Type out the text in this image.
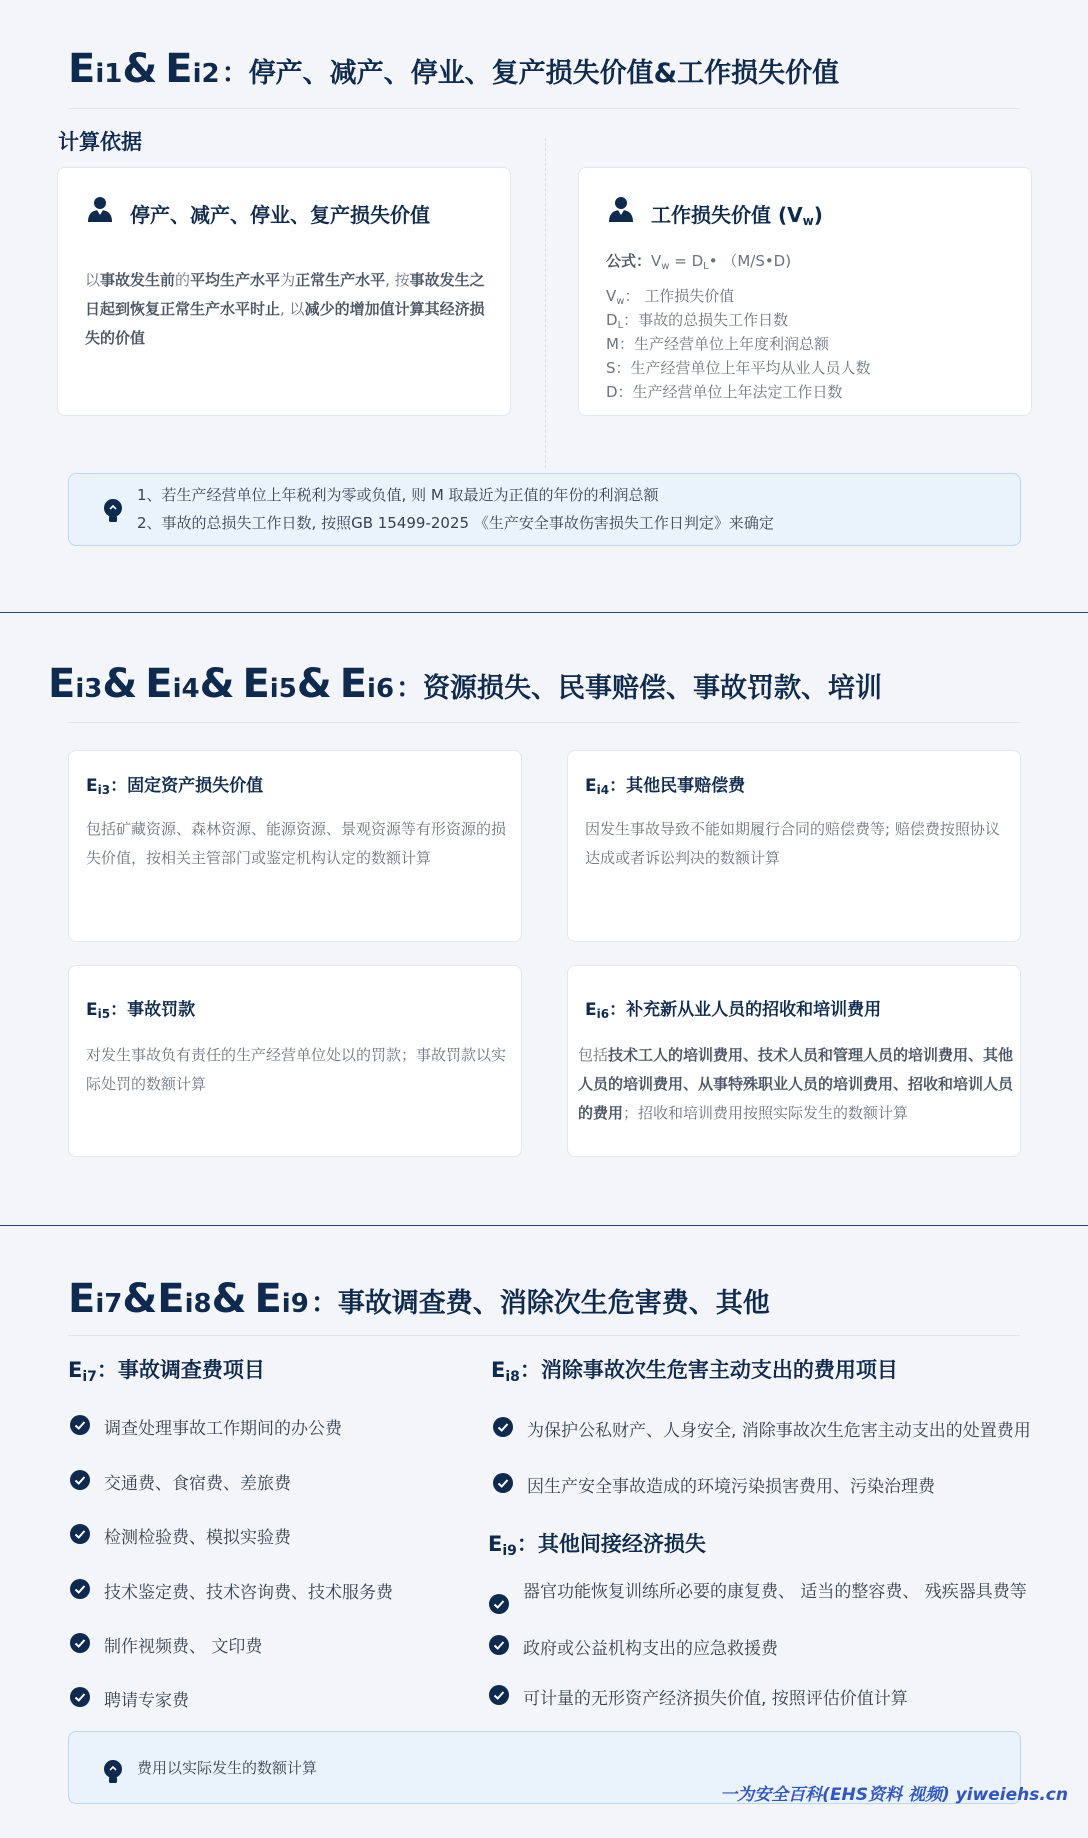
E i1 & E i2 ： 停产、减产、停业、复产损失价值&工作损失价值
计算依据
停产、减产、停业、复产损失价值
以事故发生前的平均生产水平为正常生产水平, 按事故发生之日起到恢复正常生产水平时止, 以减少的增加值计算其经济损失的价值
工作损失价值 $(V_w)$
公式：$V_w$ = $D_L•$ （M/S•D)
$V_w$： 工作损失价值
$D_L$：事故的总损失工作日数
M：生产经营单位上年度利润总额
S：生产经营单位上年平均从业人员人数
D：生产经营单位上年法定工作日数
1、若生产经营单位上年税利为零或负值, 则 M 取最近为正值的年份的利润总额
2、事故的总损失工作日数, 按照GB 15499-2025 《生产安全事故伤害损失工作日判定》来确定
E i3 & E i4 & E i5 & E i6 ： 资源损失、民事赔偿、事故罚款、培训
$E_{i3}$：固定资产损失价值
包括矿藏资源、森林资源、能源资源、景观资源等有形资源的损失价值，按相关主管部门或鉴定机构认定的数额计算
$E_{i4}$：其他民事赔偿费
因发生事故导致不能如期履行合同的赔偿费等; 赔偿费按照协议达成或者诉讼判决的数额计算
$E_{i5}$：事故罚款
对发生事故负有责任的生产经营单位处以的罚款；事故罚款以实际处罚的数额计算
$E_{i6}$：补充新从业人员的招收和培训费用
包括技术工人的培训费用、技术人员和管理人员的培训费用、其他人员的培训费用、从事特殊职业人员的培训费用、招收和培训人员的费用；招收和培训费用按照实际发生的数额计算
E i7 & E i8 & E i9 ： 事故调查费、消除次生危害费、其他
$E_{i7}$：事故调查费项目
调查处理事故工作期间的办公费
交通费、食宿费、差旅费
检测检验费、模拟实验费
技术鉴定费、技术咨询费、技术服务费
制作视频费、 文印费
聘请专家费
$E_{i8}$：消除事故次生危害主动支出的费用项目
为保护公私财产、人身安全, 消除事故次生危害主动支出的处置费用
因生产安全事故造成的环境污染损害费用、污染治理费
$E_{i9}$：其他间接经济损失
器官功能恢复训练所必要的康复费、 适当的整容费、 残疾器具费等
政府或公益机构支出的应急救援费
可计量的无形资产经济损失价值, 按照评估价值计算
费用以实际发生的数额计算
一为安全百科(EHS资料 视频) yiweiehs.cn
